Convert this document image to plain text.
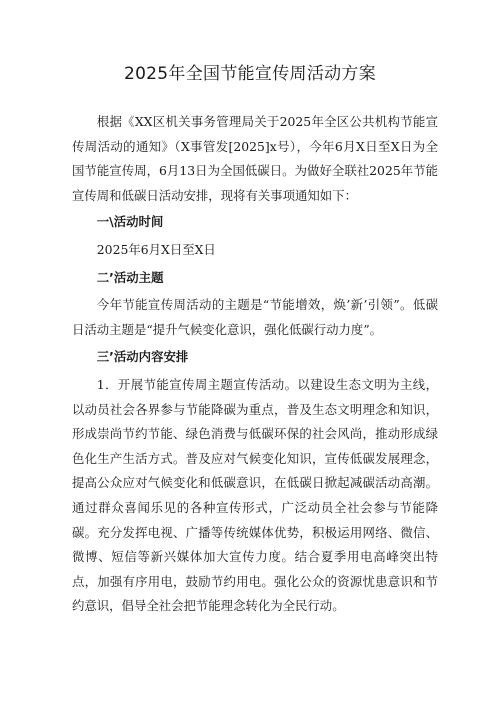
2025年全国节能宣传周活动方案

根据《XX区机关事务管理局关于2025年全区公共机构节能宣传周活动的通知》（X事管发[2025]x号），今年6月X日至X日为全国节能宣传周，6月13日为全国低碳日。为做好全联社2025年节能宣传周和低碳日活动安排，现将有关事项通知如下：

一\活动时间

2025年6月X日至X日

二’活动主题

今年节能宣传周活动的主题是“节能增效，焕’新’引领”。低碳日活动主题是“提升气候变化意识，强化低碳行动力度”。

三’活动内容安排

1．开展节能宣传周主题宣传活动。以建设生态文明为主线，以动员社会各界参与节能降碳为重点，普及生态文明理念和知识，形成崇尚节约节能、绿色消费与低碳环保的社会风尚，推动形成绿色化生产生活方式。普及应对气候变化知识，宣传低碳发展理念，提高公众应对气候变化和低碳意识，在低碳日掀起减碳活动高潮。通过群众喜闻乐见的各种宣传形式，广泛动员全社会参与节能降碳。充分发挥电视、广播等传统媒体优势，积极运用网络、微信、微博、短信等新兴媒体加大宣传力度。结合夏季用电高峰突出特点，加强有序用电，鼓励节约用电。强化公众的资源忧患意识和节约意识，倡导全社会把节能理念转化为全民行动。
